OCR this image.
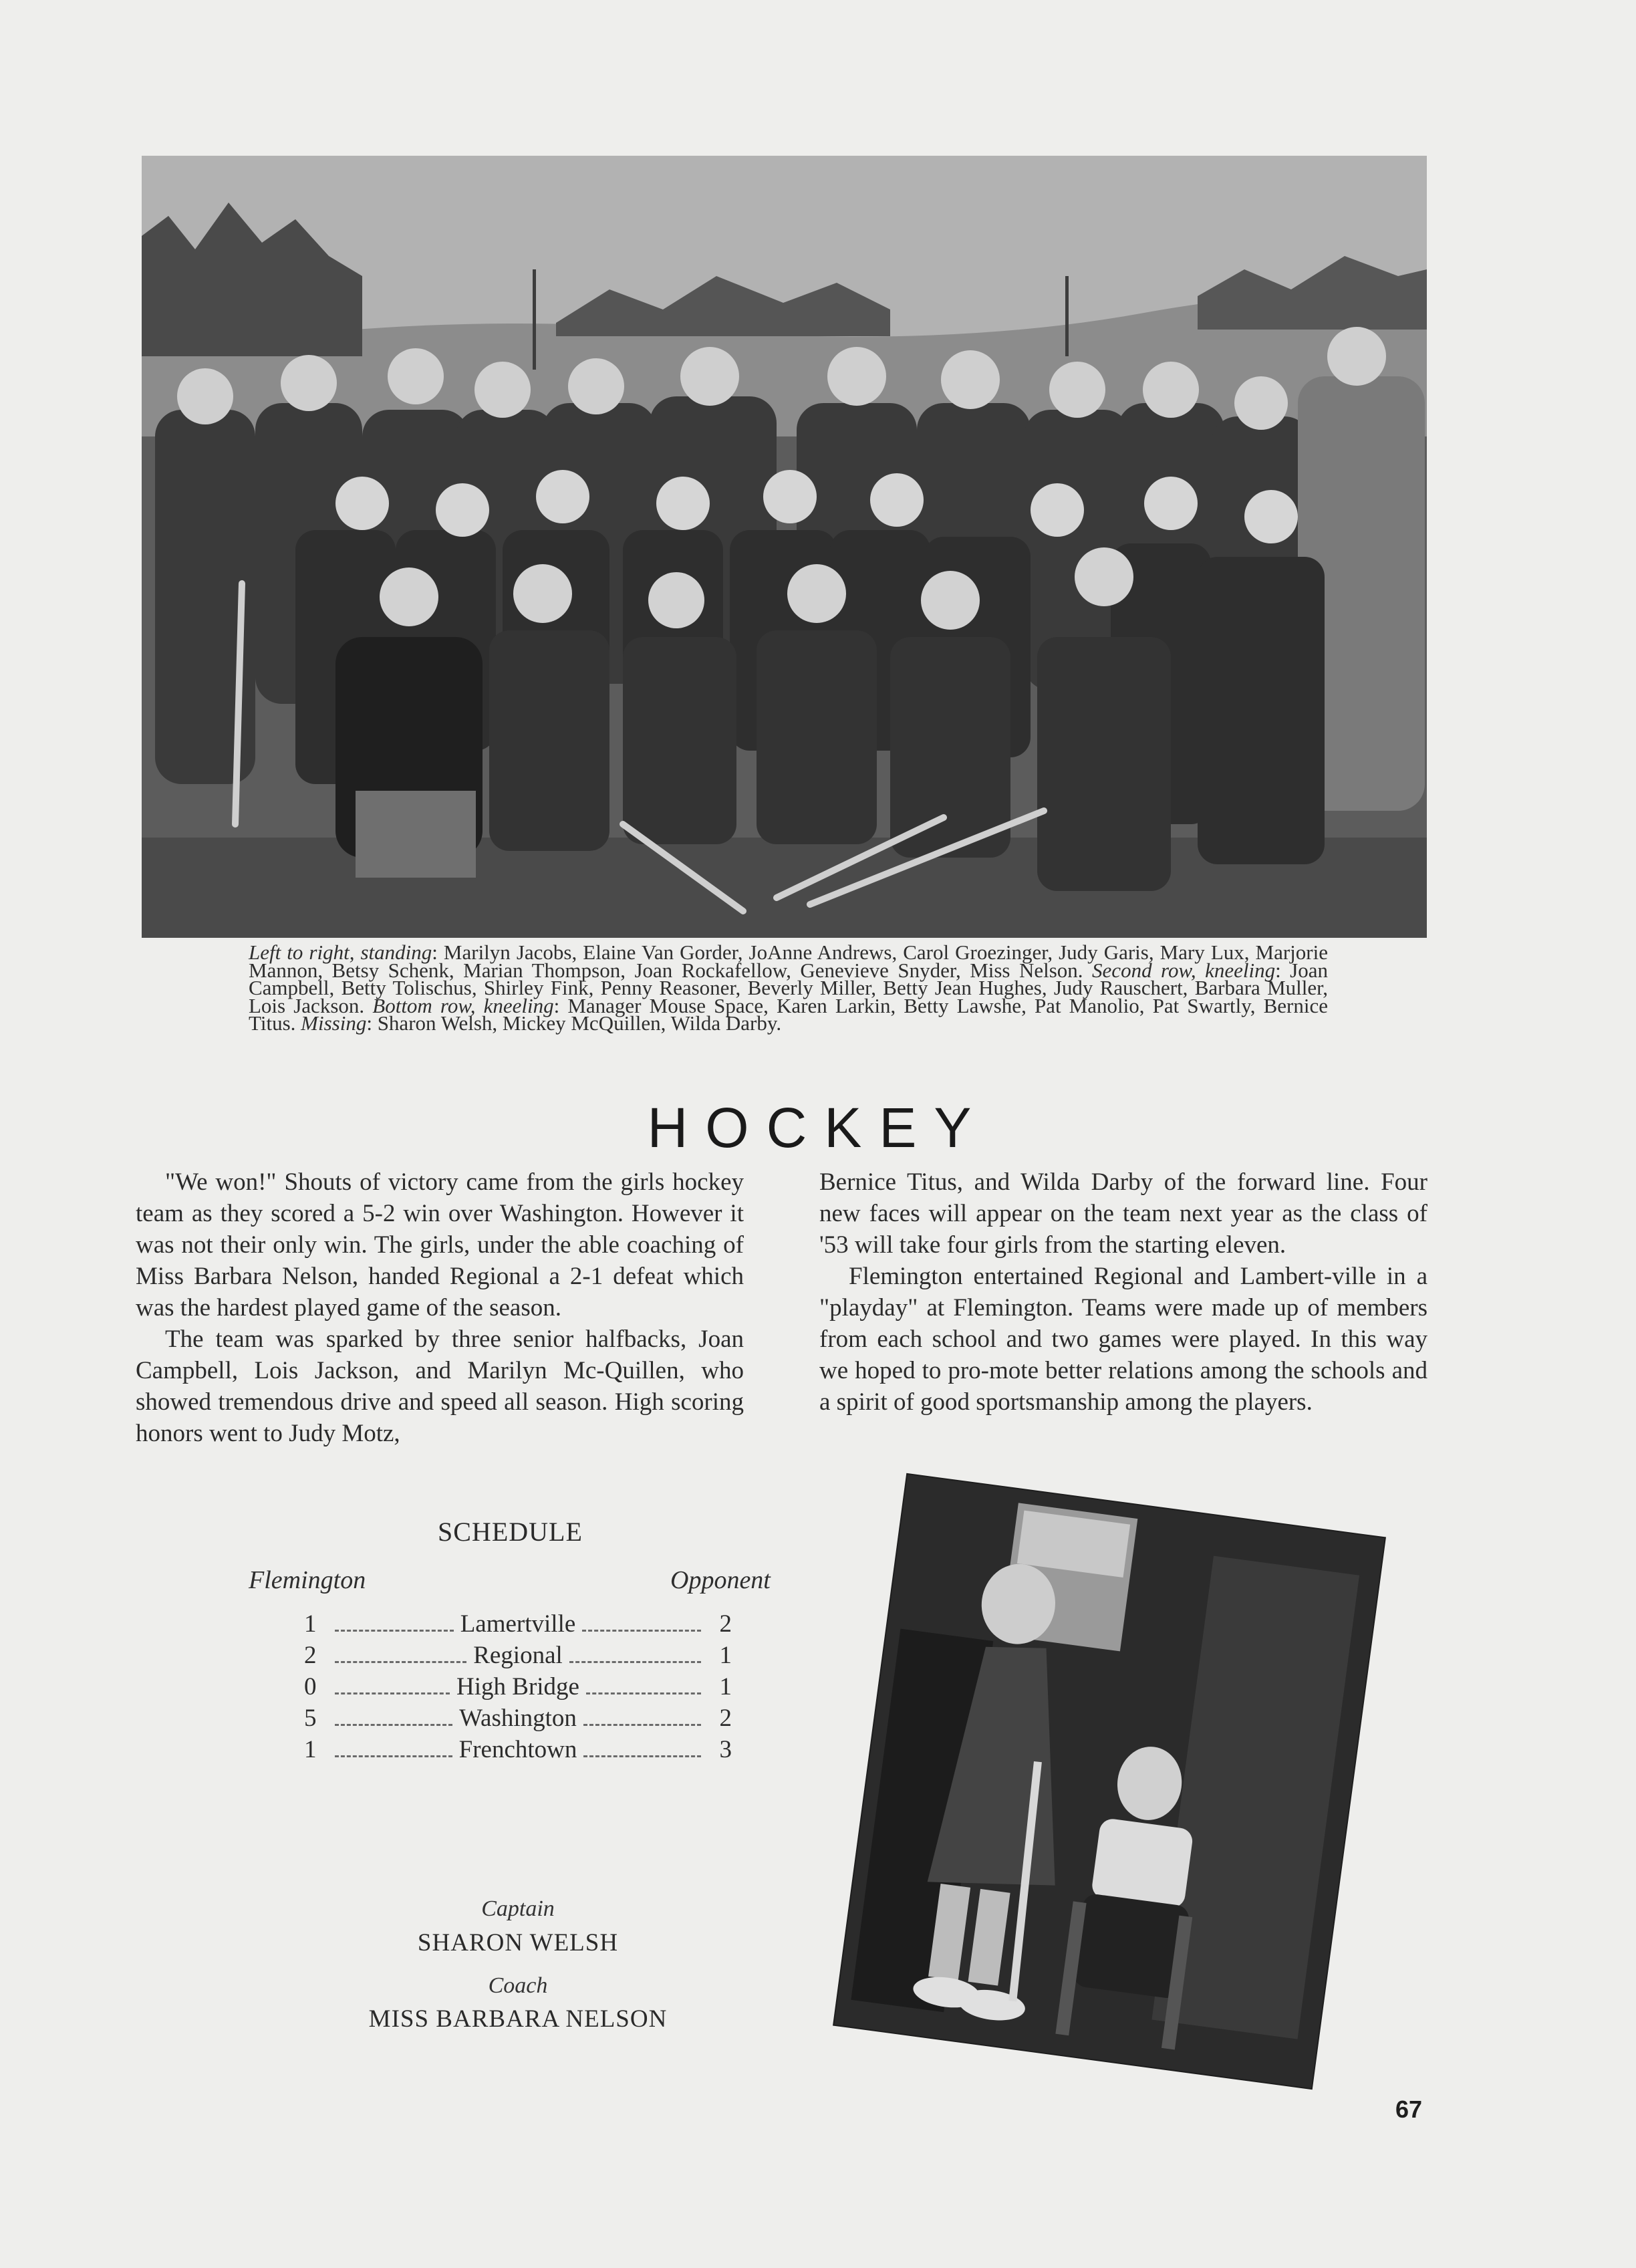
Left to right, standing: Marilyn Jacobs, Elaine Van Gorder, JoAnne Andrews, Carol Groezinger, Judy Garis, Mary Lux, Marjorie Mannon, Betsy Schenk, Marian Thompson, Joan Rockafellow, Genevieve Snyder, Miss Nelson. Second row, kneeling: Joan Campbell, Betty Tolischus, Shirley Fink, Penny Reasoner, Beverly Miller, Betty Jean Hughes, Judy Rauschert, Barbara Muller, Lois Jackson. Bottom row, kneeling: Manager Mouse Space, Karen Larkin, Betty Lawshe, Pat Manolio, Pat Swartly, Bernice Titus. Missing: Sharon Welsh, Mickey McQuillen, Wilda Darby.
HOCKEY

"We won!" Shouts of victory came from the girls hockey team as they scored a 5-2 win over Washington. However it was not their only win. The girls, under the able coaching of Miss Barbara Nelson, handed Regional a 2-1 defeat which was the hardest played game of the season.

The team was sparked by three senior halfbacks, Joan Campbell, Lois Jackson, and Marilyn Mc-Quillen, who showed tremendous drive and speed all season. High scoring honors went to Judy Motz,

Bernice Titus, and Wilda Darby of the forward line. Four new faces will appear on the team next year as the class of '53 will take four girls from the starting eleven.

Flemington entertained Regional and Lambert-ville in a "playday" at Flemington. Teams were made up of members from each school and two games were played. In this way we hoped to pro-mote better relations among the schools and a spirit of good sportsmanship among the players.

SCHEDULE
Flemington	Opponent
1	Lamertville	2
2	Regional	1
0	High Bridge	1
5	Washington	2
1	Frenchtown	3
Captain
SHARON WELSH
Coach
MISS BARBARA NELSON
67
